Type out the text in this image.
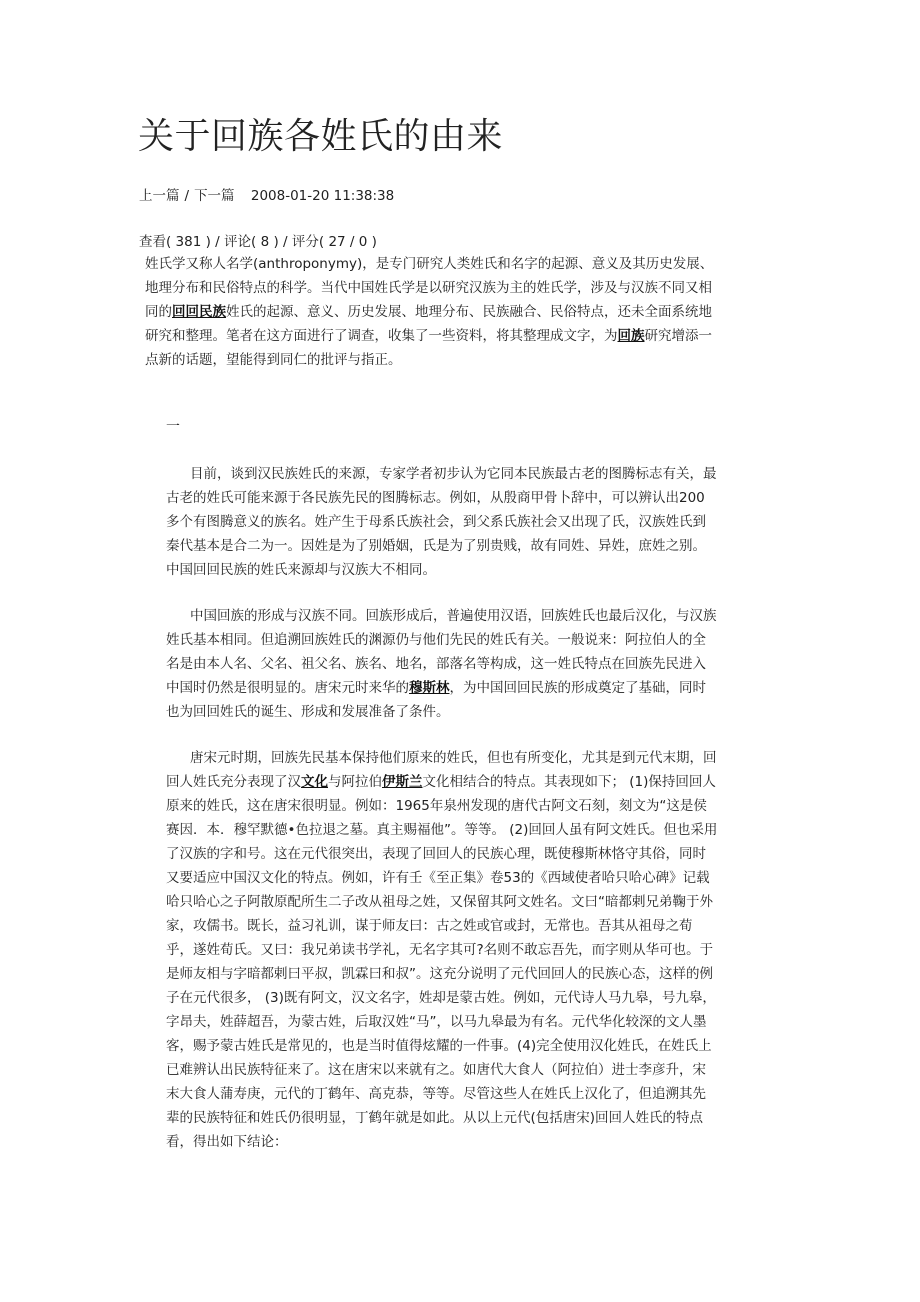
关于回族各姓氏的由来
上一篇 / 下一篇 2008-01-20 11:38:38
查看( 381 ) / 评论( 8 ) / 评分( 27 / 0 )

姓氏学又称人名学(anthroponymy)，是专门研究人类姓氏和名字的起源、意义及其历史发展、地理分布和民俗特点的科学。当代中国姓氏学是以研究汉族为主的姓氏学，涉及与汉族不同又相同的回回民族姓氏的起源、意义、历史发展、地理分布、民族融合、民俗特点，还未全面系统地研究和整理。笔者在这方面进行了调查，收集了一些资料，将其整理成文字，为回族研究增添一点新的话题，望能得到同仁的批评与指正。

一

目前，谈到汉民族姓氏的来源，专家学者初步认为它同本民族最古老的图腾标志有关，最古老的姓氏可能来源于各民族先民的图腾标志。例如，从殷商甲骨卜辞中，可以辨认出200多个有图腾意义的族名。姓产生于母系氏族社会，到父系氏族社会又出现了氏，汉族姓氏到秦代基本是合二为一。因姓是为了别婚姻，氏是为了别贵贱，故有同姓、异姓，庶姓之别。中国回回民族的姓氏来源却与汉族大不相同。

中国回族的形成与汉族不同。回族形成后，普遍使用汉语，回族姓氏也最后汉化，与汉族姓氏基本相同。但追溯回族姓氏的渊源仍与他们先民的姓氏有关。一般说来：阿拉伯人的全名是由本人名、父名、祖父名、族名、地名，部落名等构成，这一姓氏特点在回族先民进入中国时仍然是很明显的。唐宋元时来华的穆斯林，为中国回回民族的形成奠定了基础，同时也为回回姓氏的诞生、形成和发展准备了条件。

唐宋元时期，回族先民基本保持他们原来的姓氏，但也有所变化，尤其是到元代末期，回回人姓氏充分表现了汉文化与阿拉伯伊斯兰文化相结合的特点。其表现如下； (1)保持回回人原来的姓氏，这在唐宋很明显。例如：1965年泉州发现的唐代古阿文石刻，刻文为“这是侯赛因．本．穆罕默德•色拉退之墓。真主赐福他”。等等。 (2)回回人虽有阿文姓氏。但也采用了汉族的字和号。这在元代很突出，表现了回回人的民族心理，既使穆斯林恪守其俗，同时又要适应中国汉文化的特点。例如，许有壬《至正集》卷53的《西域使者哈只哈心碑》记载哈只哈心之子阿散原配所生二子改从祖母之姓，又保留其阿文姓名。文曰“暗都剌兄弟鞠于外家，攻儒书。既长，益习礼训，谋于师友曰：古之姓或官或封，无常也。吾其从祖母之荀乎，遂姓荀氏。又曰：我兄弟读书学礼，无名字其可?名则不敢忘吾先，而字则从华可也。于是师友相与字暗都剌曰平叔，凯霖曰和叔”。这充分说明了元代回回人的民族心态，这样的例子在元代很多， (3)既有阿文，汉文名字，姓却是蒙古姓。例如，元代诗人马九皋，号九皋，字昂夫，姓薛超吾，为蒙古姓，后取汉姓“马”，以马九皋最为有名。元代华化较深的文人墨客，赐予蒙古姓氏是常见的，也是当时值得炫耀的一件事。(4)完全使用汉化姓氏，在姓氏上已难辨认出民族特征来了。这在唐宋以来就有之。如唐代大食人（阿拉伯）进士李彦升，宋末大食人蒲寿庚，元代的丁鹤年、高克恭，等等。尽管这些人在姓氏上汉化了，但追溯其先辈的民族特征和姓氏仍很明显，丁鹤年就是如此。从以上元代(包括唐宋)回回人姓氏的特点看，得出如下结论：
